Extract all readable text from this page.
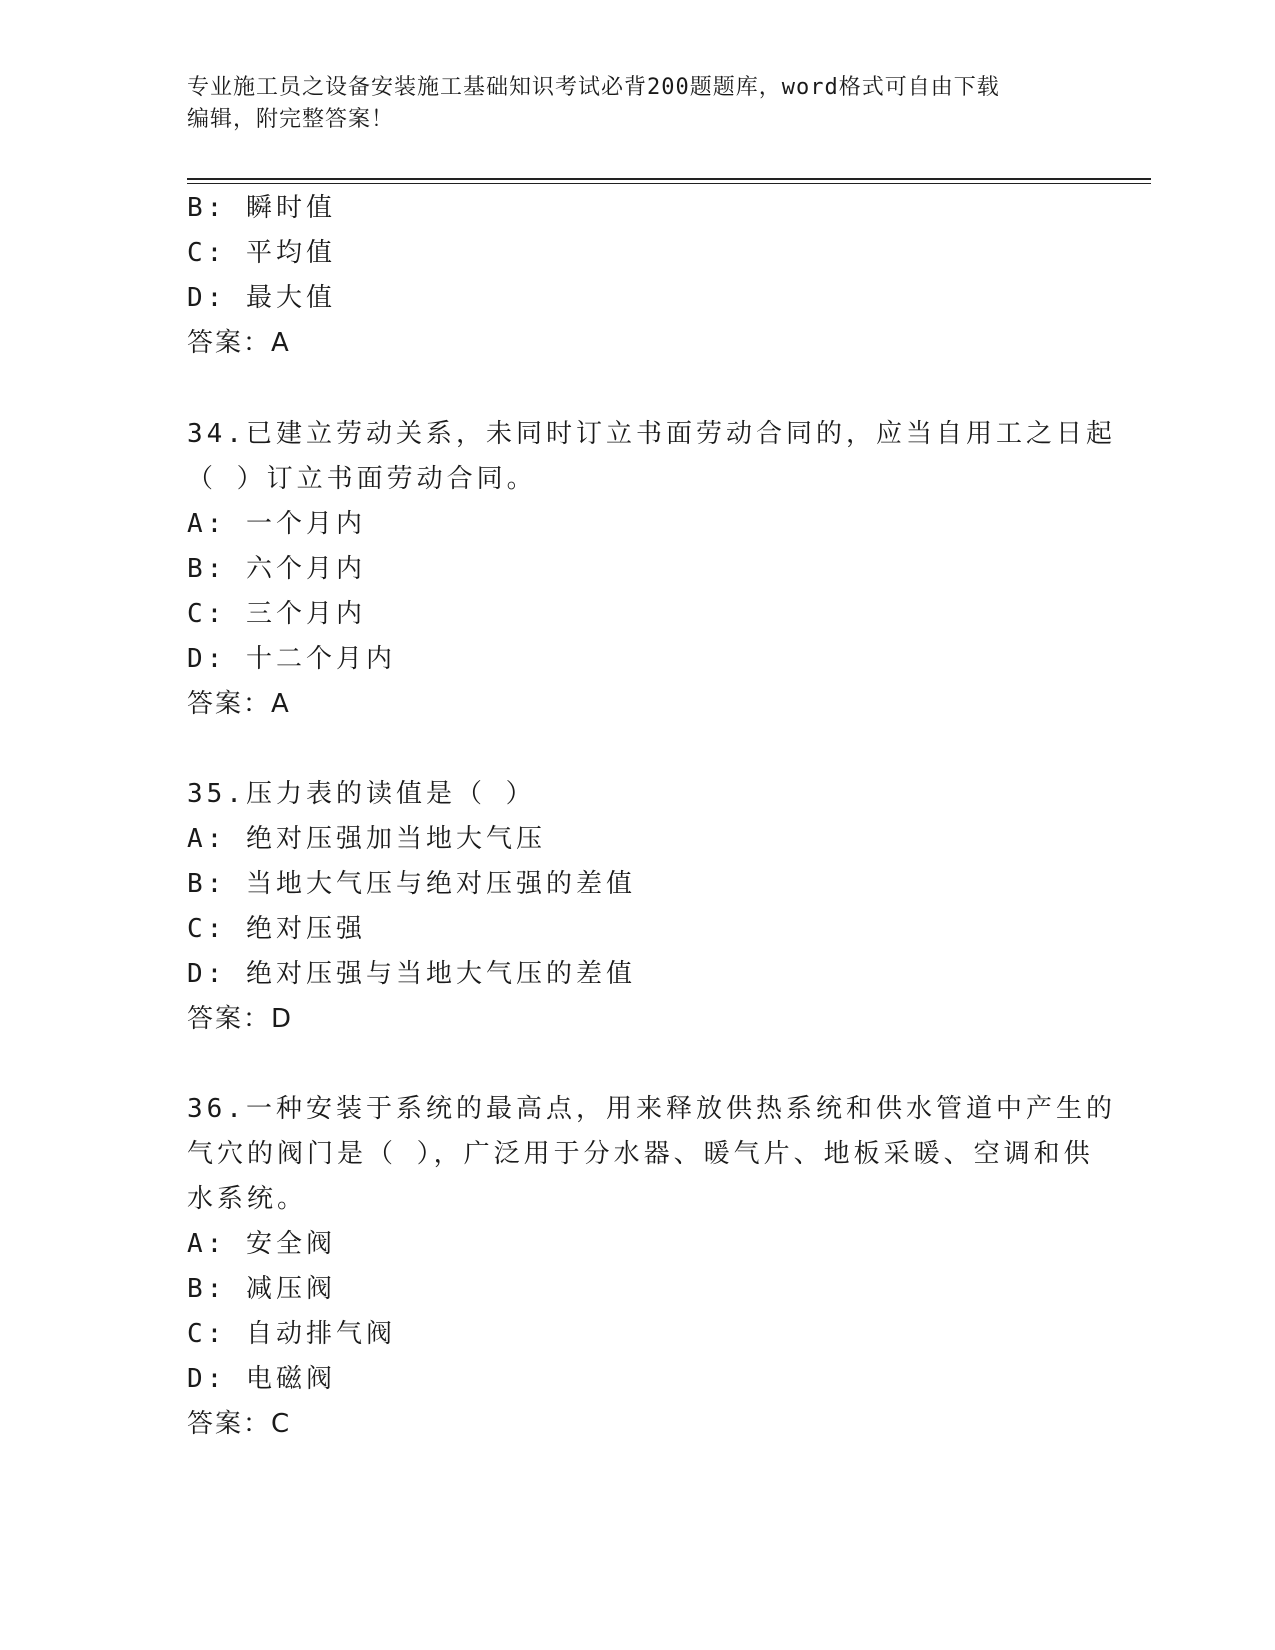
专业施工员之设备安装施工基础知识考试必背200题题库，word格式可自由下载
编辑，附完整答案！
B: 瞬时值
C: 平均值
D: 最大值
答案：A
34.已建立劳动关系，未同时订立书面劳动合同的，应当自用工之日起
（ ）订立书面劳动合同。
A: 一个月内
B: 六个月内
C: 三个月内
D: 十二个月内
答案：A
35.压力表的读值是（ ）
A: 绝对压强加当地大气压
B: 当地大气压与绝对压强的差值
C: 绝对压强
D: 绝对压强与当地大气压的差值
答案：D
36.一种安装于系统的最高点，用来释放供热系统和供水管道中产生的
气穴的阀门是（ ），广泛用于分水器、暖气片、地板采暖、空调和供
水系统。
A: 安全阀
B: 减压阀
C: 自动排气阀
D: 电磁阀
答案：C
